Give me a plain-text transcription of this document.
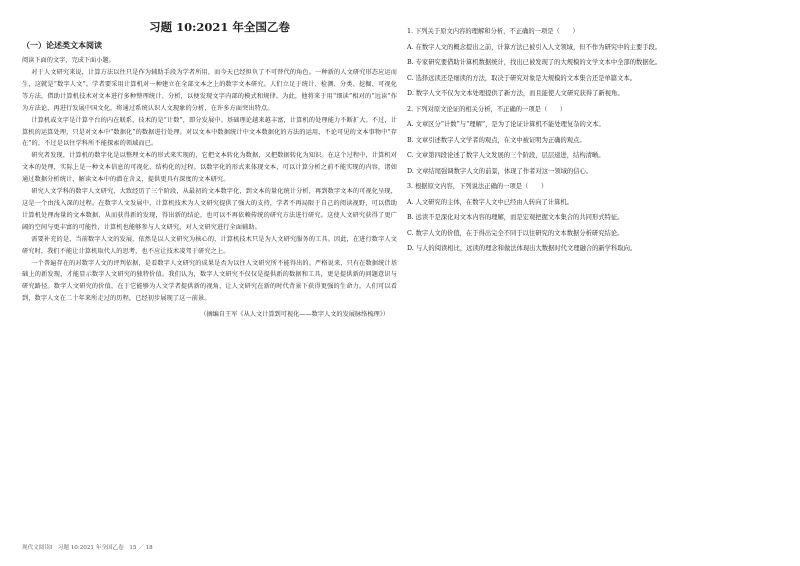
习题 10:2021 年全国乙卷
（一）论述类文本阅读
阅读下面的文字，完成下面小题。

对于人文研究来说，计算方法以往只是作为辅助手段为学者所用，而今天已经担负了不可替代的角色。一种新的人文研究形态应运而生，这就是“数字人文”。学者要采用计算机对一种建立在全部文本之上的数字文本研究。人们立足于统计、检测、分类、挖掘、可视化等方法，借助计算机技术对文本进行多种整理统计、分析，以便发现文字内部的模式和规律。为此，他将来于用“细读”相对的“远读”作为方法论，再进行发展中国文化，将通过系统认识人文现象的分析，在许多方面突出特点。

计算机或文字是计算平台的内在联系，技术的是“计数”，即分发展中。基础理论越来越丰富，计算机的处理能力不断扩大。不过，计算机的运算处理，只是对文本中“数据化”的数据进行处理。对以文本中数据统计中文本数据化的方法的运用，不论可见的文本事物中“存在”的，不过是以往学科所不能探索的领域而已。

研究者发现，计算机的数字化是以整理文本的形式来实现的，它把文本转化为数据，又把数据转化为知识。在这个过程中，计算机对文本的处理，实际上是一种文本信息的可视化、结构化的过程。以数字化的形式来体现文本，可以计算分析之前不能实现的内容，诸如通过数据分析统计，解读文本中的潜在含义，提供更具有深度的文本研究。

研究人文学科的数字人文研究，大致经历了三个阶段，从最初的文本数字化，到文本的量化统计分析，再到数字文本的可视化呈现，这是一个由浅入深的过程。在数字人文发展中，计算机技术为人文研究提供了强大的支持，学者不再局限于自己的阅读视野，可以借助计算机处理海量的文本数据，从而获得新的发现，得出新的结论，也可以不再依赖传统的研究方法进行研究。这使人文研究获得了更广阔的空间与更丰富的可能性，计算机也能够参与人文研究，对人文研究进行全面辅助。

需要补充的是，当前数字人文的发展，依然是以人文研究为核心的，计算机技术只是为人文研究服务的工具。因此，在进行数字人文研究时，我们不能让计算机取代人的思考，也不应让技术凌驾于研究之上。

一个普遍存在的对数字人文的评判依据，是看数字人文研究的成果是否为以往人文研究所不能得出的。严格说来，只有在数据统计基础上的新发现，才能显示数字人文研究的独特价值。我们认为，数字人文研究不仅仅是提供新的数据和工具，更是提供新的问题意识与研究路径。数字人文研究的价值，在于它能够为人文学者提供新的视角，让人文研究在新的时代背景下获得更强的生命力。人们可以看到，数字人文在二十年来所走过的历程，已经初步展现了这一前景。

（摘编自王军《从人文计算到可视化——数字人文的发展脉络梳理》）
1. 下列关于原文内容的理解和分析，不正确的一项是（　　）
A. 在数字人文的概念提出之前，计算方法已被引入人文领域，但不作为研究中的主要手段。
B. 专家研究要借助计算机数据统计，找出已被发现了的大规模的文学文本中全部的数据化。
C. 选择远读还是细读的方法，取决于研究对象是大规模的文本集合还是单篇文本。
D. 数字人文不仅为文本处理提供了新方法，而且能使人文研究获得了新视角。
2. 下列对原文论证的相关分析，不正确的一项是（　　）
A. 文章区分“计数”与“理解”，是为了论证计算机不能处理复杂的文本。
B. 文章引述数字人文学者的观点，在文中被证明为正确的观点。
C. 文章第四段论述了数字人文发展的三个阶段，层层递进，结构清晰。
D. 文章结尾强调数字人文的前景，体现了作者对这一领域的信心。
3. 根据原文内容，下列说法正确的一项是（　　）
A. 人文研究的主体，在数字人文中已经由人转向了计算机。
B. 远读不是深化对文本内容的理解，而是宏观把握文本集合的共同形式特征。
C. 数字人文的价值，在于得出完全不同于以往研究的文本数据分析研究结论。
D. 与人的阅读相比，远读的理念和做法体现出大数据时代文理融合的新学科取向。
现代文阅读Ⅰ　习题 10:2021 年全国乙卷　15 ／ 18
